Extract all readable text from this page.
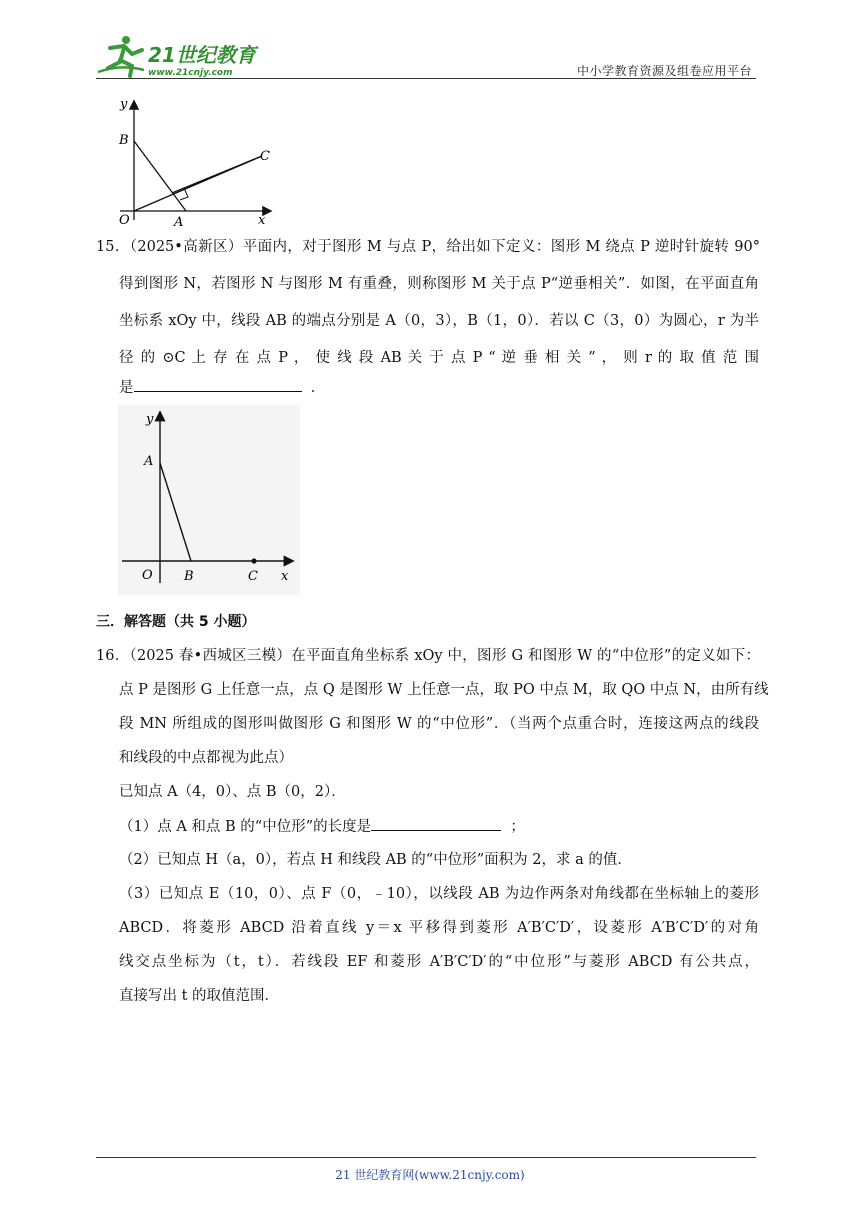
21世纪教育
www.21cnjy.com	中小学教育资源及组卷应用平台
y
B
C
O	A	x
15．（2025•高新区）平面内，对于图形 M 与点 P，给出如下定义：图形 M 绕点 P 逆时针旋转 90°
得到图形 N，若图形 N 与图形 M 有重叠，则称图形 M 关于点 P“逆垂相关”．如图，在平面直角
坐标系 xOy 中，线段 AB 的端点分别是 A（0，3），B（1，0）．若以 C（3，0）为圆心，r 为半
径 的 ⊙C 上 存 在 点 P ， 使 线 段 AB 关 于 点 P “ 逆 垂 相 关 ” ， 则 r 的 取 值 范 围
是	．
y
A
O B	C x
三．解答题（共 5 小题）
16．（2025 春•西城区三模）在平面直角坐标系 xOy 中，图形 G 和图形 W 的“中位形”的定义如下：
点 P 是图形 G 上任意一点，点 Q 是图形 W 上任意一点，取 PO 中点 M，取 QO 中点 N，由所有线
段 MN 所组成的图形叫做图形 G 和图形 W 的“中位形”．（当两个点重合时，连接这两点的线段
和线段的中点都视为此点）
已知点 A（4，0）、点 B（0，2）．
（1）点 A 和点 B 的“中位形”的长度是	；
（2）已知点 H（a，0），若点 H 和线段 AB 的“中位形”面积为 2，求 a 的值．
（3）已知点 E（10，0）、点 F（0，﹣10），以线段 AB 为边作两条对角线都在坐标轴上的菱形
ABCD．将菱形 ABCD 沿着直线 y＝x 平移得到菱形 A′B′C′D′，设菱形 A′B′C′D′的对角
线交点坐标为（t，t）．若线段 EF 和菱形 A′B′C′D′的“中位形”与菱形 ABCD 有公共点，
直接写出 t 的取值范围．
21 世纪教育网(www.21cnjy.com)
